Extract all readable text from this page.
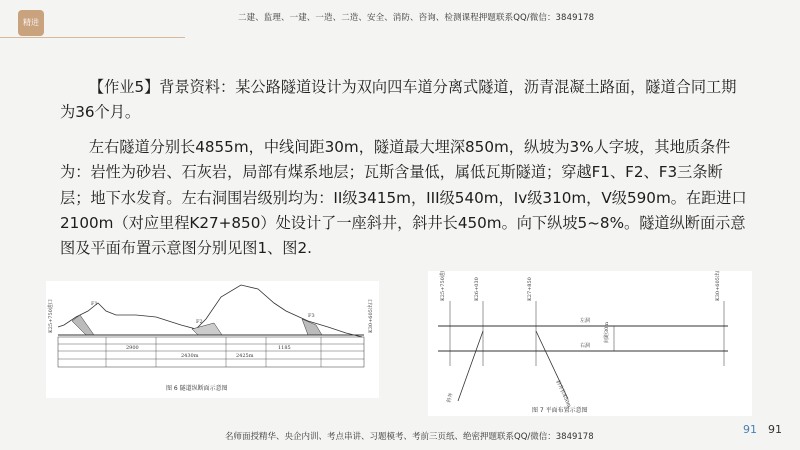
精进	二建、监理、一建、一造、二造、安全、消防、咨询、检测课程押题联系QQ/微信：3849178

【作业5】背景资料：某公路隧道设计为双向四车道分离式隧道，沥青混凝土路面，隧道合同工期为36个月。

左右隧道分别长4855m，中线间距30m，隧道最大埋深850m，纵坡为3%人字坡，其地质条件为：岩性为砂岩、石灰岩，局部有煤系地层；瓦斯含量低，属低瓦斯隧道；穿越F1、F2、F3三条断层；地下水发育。左右洞围岩级别均为：II级3415m，III级540m，Iv级310m，V级590m。在距进口2100m（对应里程K27+850）处设计了一座斜井，斜井长450m。向下纵坡5~8%。隧道纵断面示意图及平面布置示意图分别见图1、图2.

F1
F2
F3
K25+750进口	K30+605出口
2900
2430m	2425m
1185
图 6 隧道纵断面示意图
K25+750进口	K26+030	K27+850	K30+605出口
左洞
右洞
间距30m
斜井	斜井长450m
图 7 平面布置示意图
名师面授精华、央企内训、考点串讲、习题模考、考前三页纸、绝密押题联系QQ/微信：3849178
91 91
